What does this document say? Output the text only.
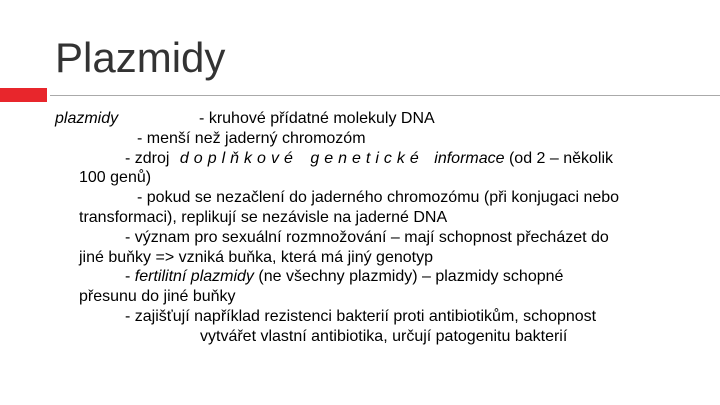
Plazmidy
plazmidy	- kruhové přídatné molekuly DNA
- menší než jaderný chromozóm
- zdroj doplňkové genetické informace (od 2 – několik
100 genů)
- pokud se nezačlení do jaderného chromozómu (při konjugaci nebo
transformaci), replikují se nezávisle na jaderné DNA
- význam pro sexuální rozmnožování – mají schopnost přecházet do
jiné buňky => vzniká buňka, která má jiný genotyp
- fertilitní plazmidy (ne všechny plazmidy) – plazmidy schopné
přesunu do jiné buňky
- zajišťují například rezistenci bakterií proti antibiotikům, schopnost
vytvářet vlastní antibiotika, určují patogenitu bakterií
